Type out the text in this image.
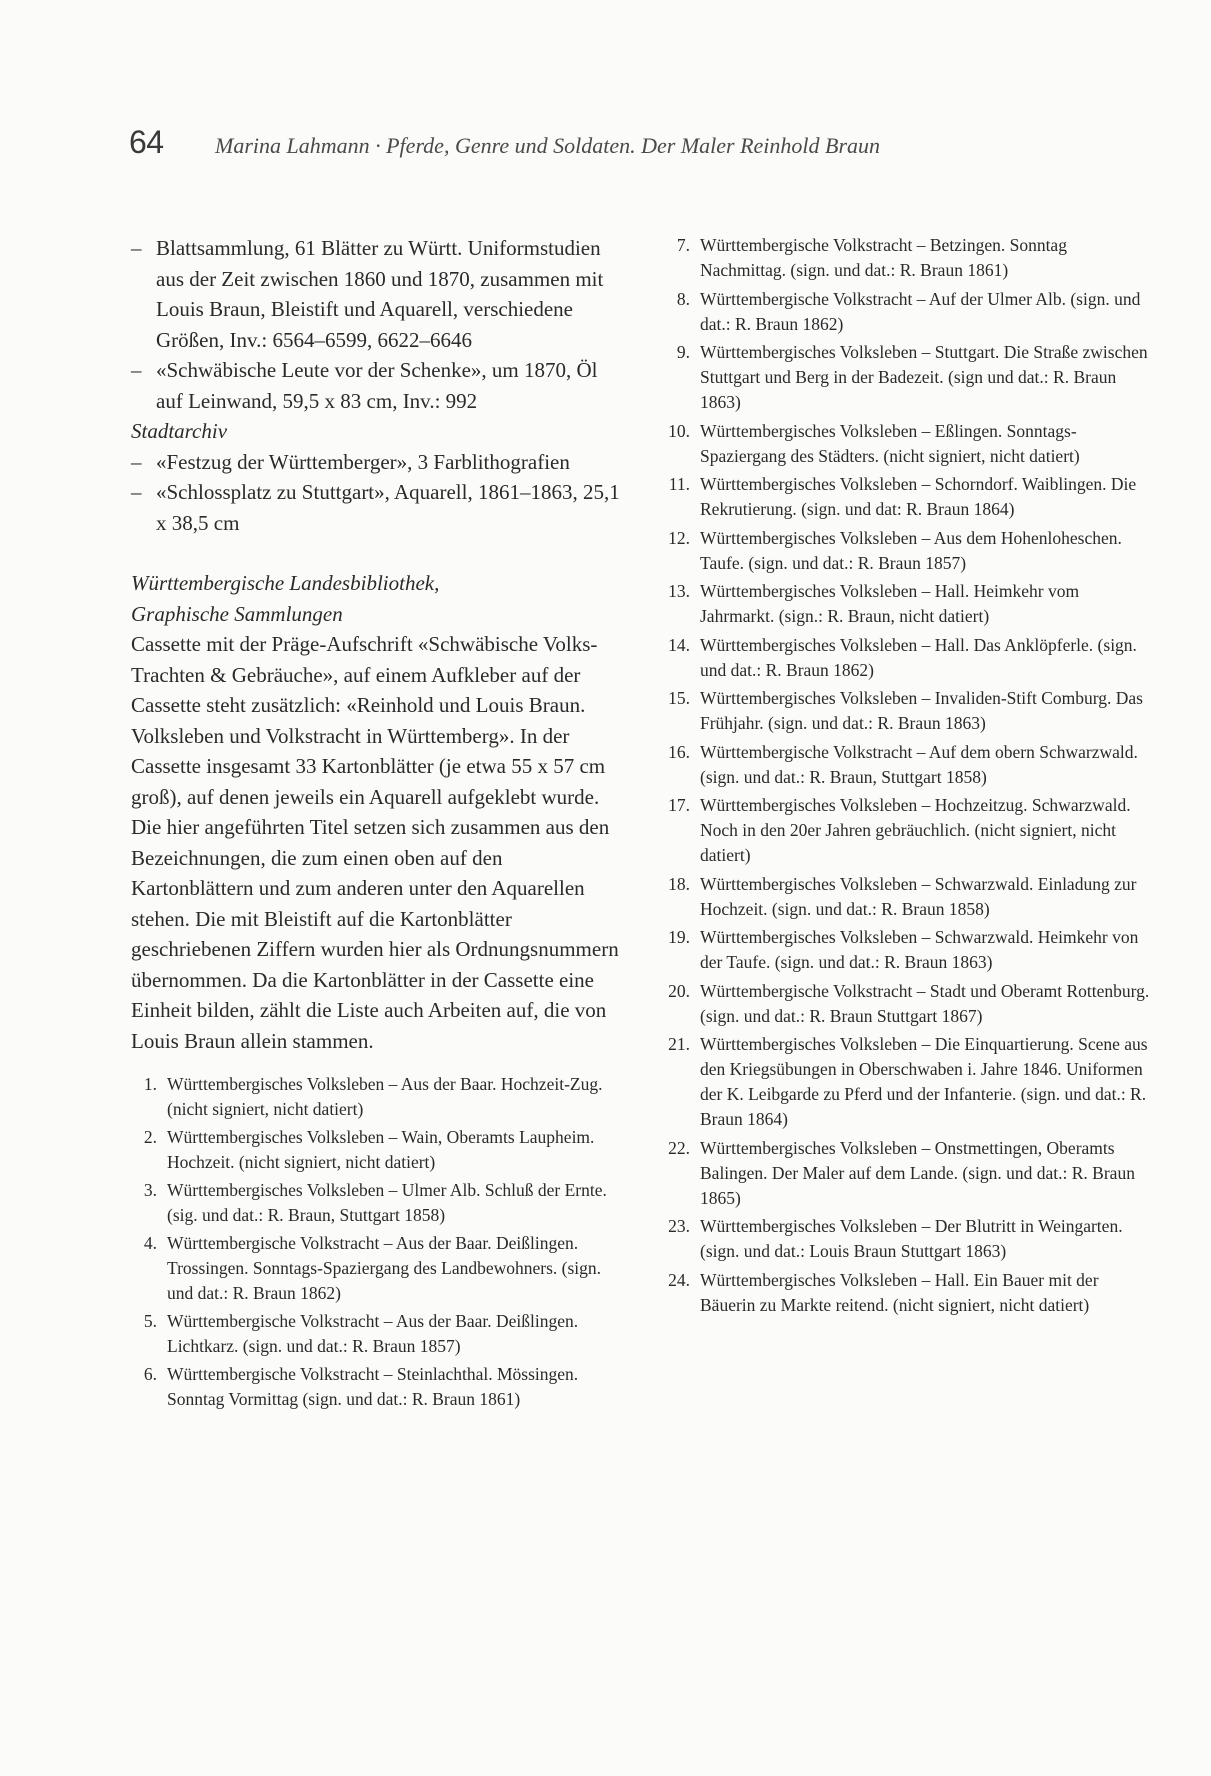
64 Marina Lahmann · Pferde, Genre und Soldaten. Der Maler Reinhold Braun
– Blattsammlung, 61 Blätter zu Württ. Uniformstudien aus der Zeit zwischen 1860 und 1870, zusammen mit Louis Braun, Bleistift und Aquarell, verschiedene Größen, Inv.: 6564–6599, 6622–6646
– «Schwäbische Leute vor der Schenke», um 1870, Öl auf Leinwand, 59,5 x 83 cm, Inv.: 992
Stadtarchiv
– «Festzug der Württemberger», 3 Farblithografien
– «Schlossplatz zu Stuttgart», Aquarell, 1861–1863, 25,1 x 38,5 cm
Württembergische Landesbibliothek,
Graphische Sammlungen
Cassette mit der Präge-Aufschrift «Schwäbische Volks-Trachten & Gebräuche», auf einem Aufkleber auf der Cassette steht zusätzlich: «Reinhold und Louis Braun. Volksleben und Volkstracht in Württemberg». In der Cassette insgesamt 33 Kartonblätter (je etwa 55 x 57 cm groß), auf denen jeweils ein Aquarell aufgeklebt wurde. Die hier angeführten Titel setzen sich zusammen aus den Bezeichnungen, die zum einen oben auf den Kartonblättern und zum anderen unter den Aquarellen stehen. Die mit Bleistift auf die Kartonblätter geschriebenen Ziffern wurden hier als Ordnungsnummern übernommen. Da die Kartonblätter in der Cassette eine Einheit bilden, zählt die Liste auch Arbeiten auf, die von Louis Braun allein stammen.
1. Württembergisches Volksleben – Aus der Baar. Hochzeit-Zug. (nicht signiert, nicht datiert)
2. Württembergisches Volksleben – Wain, Oberamts Laupheim. Hochzeit. (nicht signiert, nicht datiert)
3. Württembergisches Volksleben – Ulmer Alb. Schluß der Ernte. (sig. und dat.: R. Braun, Stuttgart 1858)
4. Württembergische Volkstracht – Aus der Baar. Deißlingen. Trossingen. Sonntags-Spaziergang des Landbewohners. (sign. und dat.: R. Braun 1862)
5. Württembergische Volkstracht – Aus der Baar. Deißlingen. Lichtkarz. (sign. und dat.: R. Braun 1857)
6. Württembergische Volkstracht – Steinlachthal. Mössingen. Sonntag Vormittag (sign. und dat.: R. Braun 1861)
7. Württembergische Volkstracht – Betzingen. Sonntag Nachmittag. (sign. und dat.: R. Braun 1861)
8. Württembergische Volkstracht – Auf der Ulmer Alb. (sign. und dat.: R. Braun 1862)
9. Württembergisches Volksleben – Stuttgart. Die Straße zwischen Stuttgart und Berg in der Badezeit. (sign und dat.: R. Braun 1863)
10. Württembergisches Volksleben – Eßlingen. Sonntags-Spaziergang des Städters. (nicht signiert, nicht datiert)
11. Württembergisches Volksleben – Schorndorf. Waiblingen. Die Rekrutierung. (sign. und dat: R. Braun 1864)
12. Württembergisches Volksleben – Aus dem Hohenloheschen. Taufe. (sign. und dat.: R. Braun 1857)
13. Württembergisches Volksleben – Hall. Heimkehr vom Jahrmarkt. (sign.: R. Braun, nicht datiert)
14. Württembergisches Volksleben – Hall. Das Anklöpferle. (sign. und dat.: R. Braun 1862)
15. Württembergisches Volksleben – Invaliden-Stift Comburg. Das Frühjahr. (sign. und dat.: R. Braun 1863)
16. Württembergische Volkstracht – Auf dem obern Schwarzwald. (sign. und dat.: R. Braun, Stuttgart 1858)
17. Württembergisches Volksleben – Hochzeitzug. Schwarzwald. Noch in den 20er Jahren gebräuchlich. (nicht signiert, nicht datiert)
18. Württembergisches Volksleben – Schwarzwald. Einladung zur Hochzeit. (sign. und dat.: R. Braun 1858)
19. Württembergisches Volksleben – Schwarzwald. Heimkehr von der Taufe. (sign. und dat.: R. Braun 1863)
20. Württembergische Volkstracht – Stadt und Oberamt Rottenburg. (sign. und dat.: R. Braun Stuttgart 1867)
21. Württembergisches Volksleben – Die Einquartierung. Scene aus den Kriegsübungen in Oberschwaben i. Jahre 1846. Uniformen der K. Leibgarde zu Pferd und der Infanterie. (sign. und dat.: R. Braun 1864)
22. Württembergisches Volksleben – Onstmettingen, Oberamts Balingen. Der Maler auf dem Lande. (sign. und dat.: R. Braun 1865)
23. Württembergisches Volksleben – Der Blutritt in Weingarten. (sign. und dat.: Louis Braun Stuttgart 1863)
24. Württembergisches Volksleben – Hall. Ein Bauer mit der Bäuerin zu Markte reitend. (nicht signiert, nicht datiert)
